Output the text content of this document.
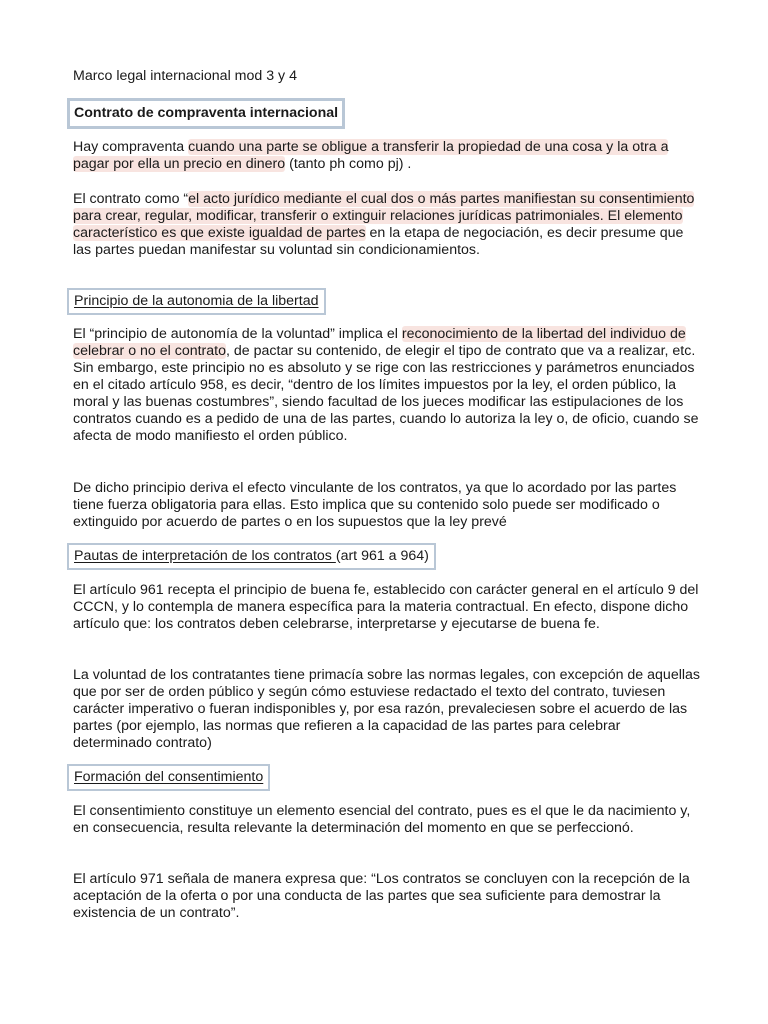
Marco legal internacional mod 3 y 4

Contrato de compraventa internacional

Hay compraventa cuando una parte se obligue a transferir la propiedad de una cosa y la otra a pagar por ella un precio en dinero (tanto ph como pj) .

El contrato como “el acto jurídico mediante el cual dos o más partes manifiestan su consentimiento para crear, regular, modificar, transferir o extinguir relaciones jurídicas patrimoniales. El elemento característico es que existe igualdad de partes en la etapa de negociación, es decir presume que las partes puedan manifestar su voluntad sin condicionamientos.

Principio de la autonomia de la libertad

El “principio de autonomía de la voluntad” implica el reconocimiento de la libertad del individuo de celebrar o no el contrato, de pactar su contenido, de elegir el tipo de contrato que va a realizar, etc. Sin embargo, este principio no es absoluto y se rige con las restricciones y parámetros enunciados en el citado artículo 958, es decir, “dentro de los límites impuestos por la ley, el orden público, la moral y las buenas costumbres”, siendo facultad de los jueces modificar las estipulaciones de los contratos cuando es a pedido de una de las partes, cuando lo autoriza la ley o, de oficio, cuando se afecta de modo manifiesto el orden público.

De dicho principio deriva el efecto vinculante de los contratos, ya que lo acordado por las partes tiene fuerza obligatoria para ellas. Esto implica que su contenido solo puede ser modificado o extinguido por acuerdo de partes o en los supuestos que la ley prevé

Pautas de interpretación de los contratos (art 961 a 964)

El artículo 961 recepta el principio de buena fe, establecido con carácter general en el artículo 9 del CCCN, y lo contempla de manera específica para la materia contractual. En efecto, dispone dicho artículo que: los contratos deben celebrarse, interpretarse y ejecutarse de buena fe.

La voluntad de los contratantes tiene primacía sobre las normas legales, con excepción de aquellas que por ser de orden público y según cómo estuviese redactado el texto del contrato, tuviesen carácter imperativo o fueran indisponibles y, por esa razón, prevaleciesen sobre el acuerdo de las partes (por ejemplo, las normas que refieren a la capacidad de las partes para celebrar determinado contrato)

Formación del consentimiento

El consentimiento constituye un elemento esencial del contrato, pues es el que le da nacimiento y, en consecuencia, resulta relevante la determinación del momento en que se perfeccionó.

El artículo 971 señala de manera expresa que: “Los contratos se concluyen con la recepción de la aceptación de la oferta o por una conducta de las partes que sea suficiente para demostrar la existencia de un contrato”.
